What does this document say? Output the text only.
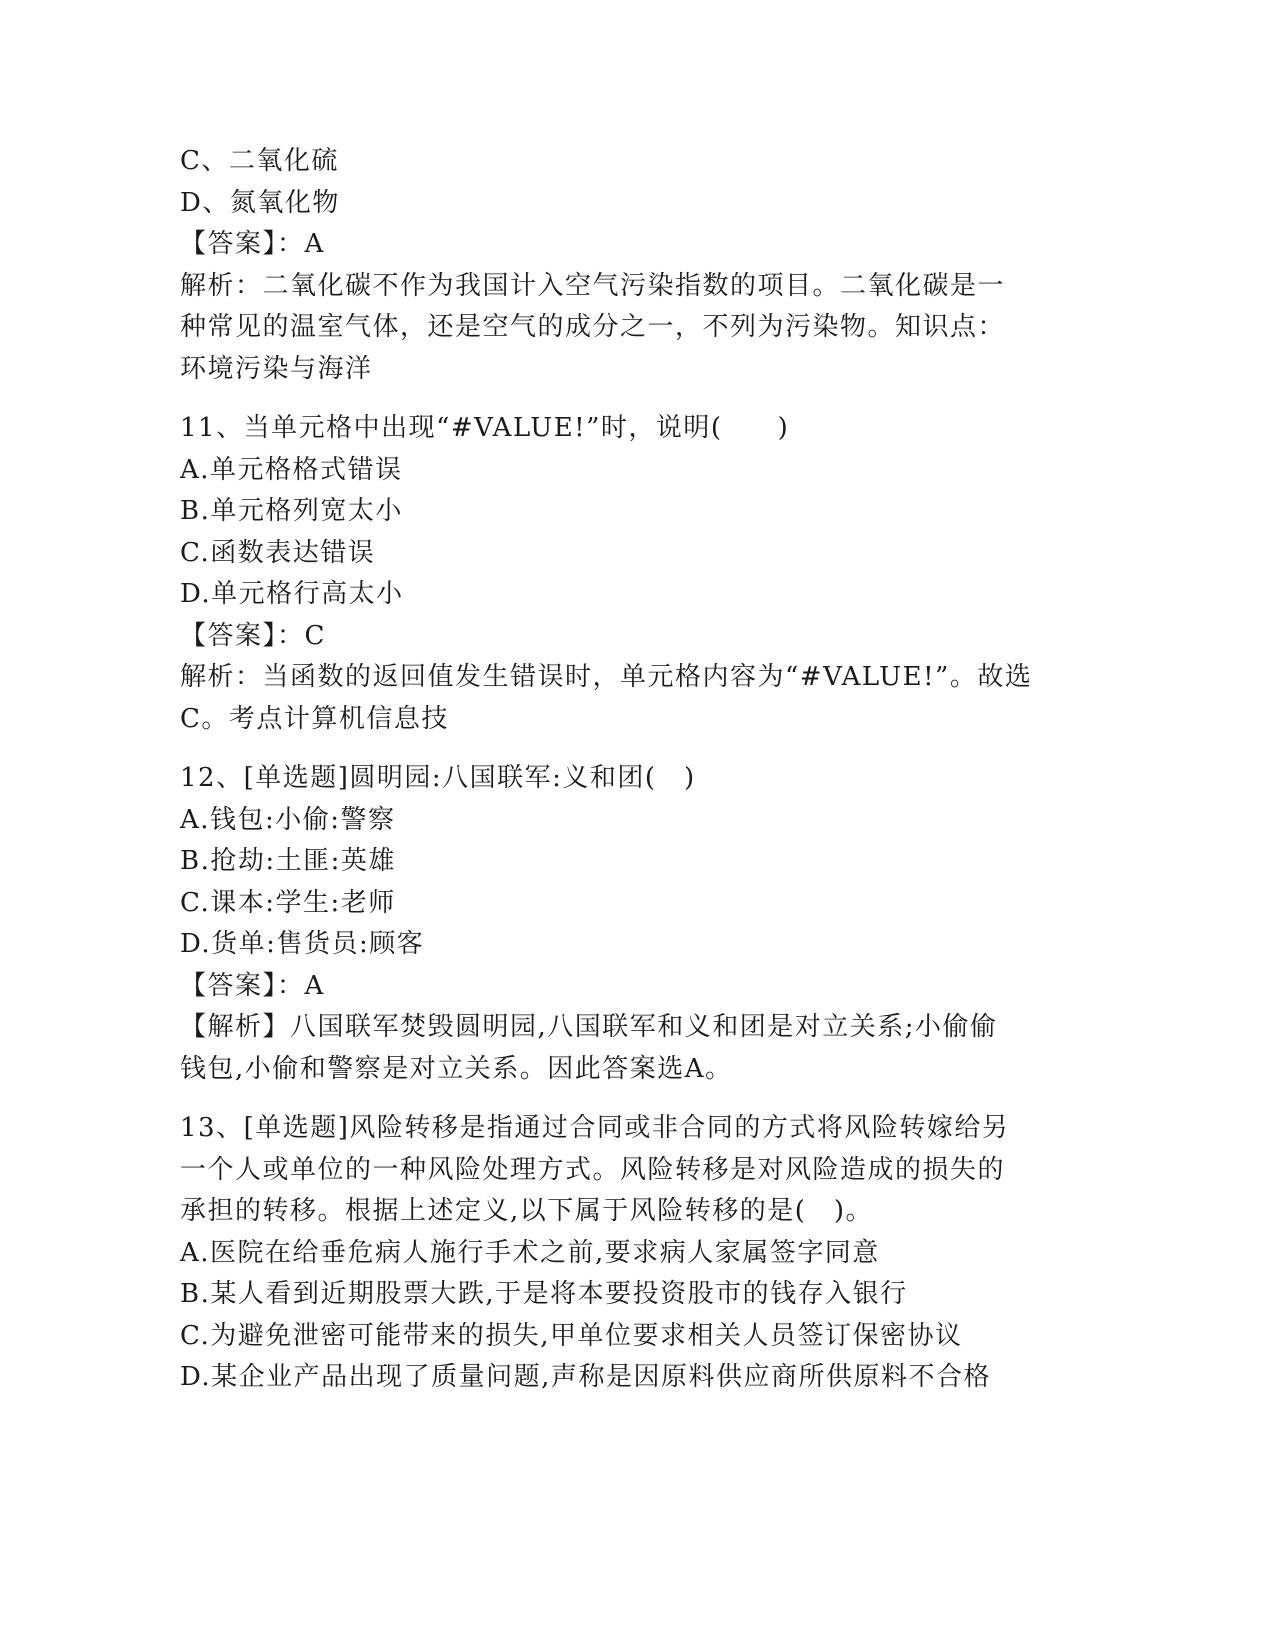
C、二氧化硫
D、氮氧化物
【答案】：A
解析：二氧化碳不作为我国计入空气污染指数的项目。二氧化碳是一
种常见的温室气体，还是空气的成分之一，不列为污染物。知识点：
环境污染与海洋
11、当单元格中出现“#VALUE!”时，说明(　　)
A.单元格格式错误
B.单元格列宽太小
C.函数表达错误
D.单元格行高太小
【答案】：C
解析：当函数的返回值发生错误时，单元格内容为“#VALUE!”。故选
C。考点计算机信息技
12、[单选题]圆明园:八国联军:义和团(　)
A.钱包:小偷:警察
B.抢劫:土匪:英雄
C.课本:学生:老师
D.货单:售货员:顾客
【答案】：A
【解析】八国联军焚毁圆明园,八国联军和义和团是对立关系;小偷偷
钱包,小偷和警察是对立关系。因此答案选A。
13、[单选题]风险转移是指通过合同或非合同的方式将风险转嫁给另
一个人或单位的一种风险处理方式。风险转移是对风险造成的损失的
承担的转移。根据上述定义,以下属于风险转移的是(　)。
A.医院在给垂危病人施行手术之前,要求病人家属签字同意
B.某人看到近期股票大跌,于是将本要投资股市的钱存入银行
C.为避免泄密可能带来的损失,甲单位要求相关人员签订保密协议
D.某企业产品出现了质量问题,声称是因原料供应商所供原料不合格
